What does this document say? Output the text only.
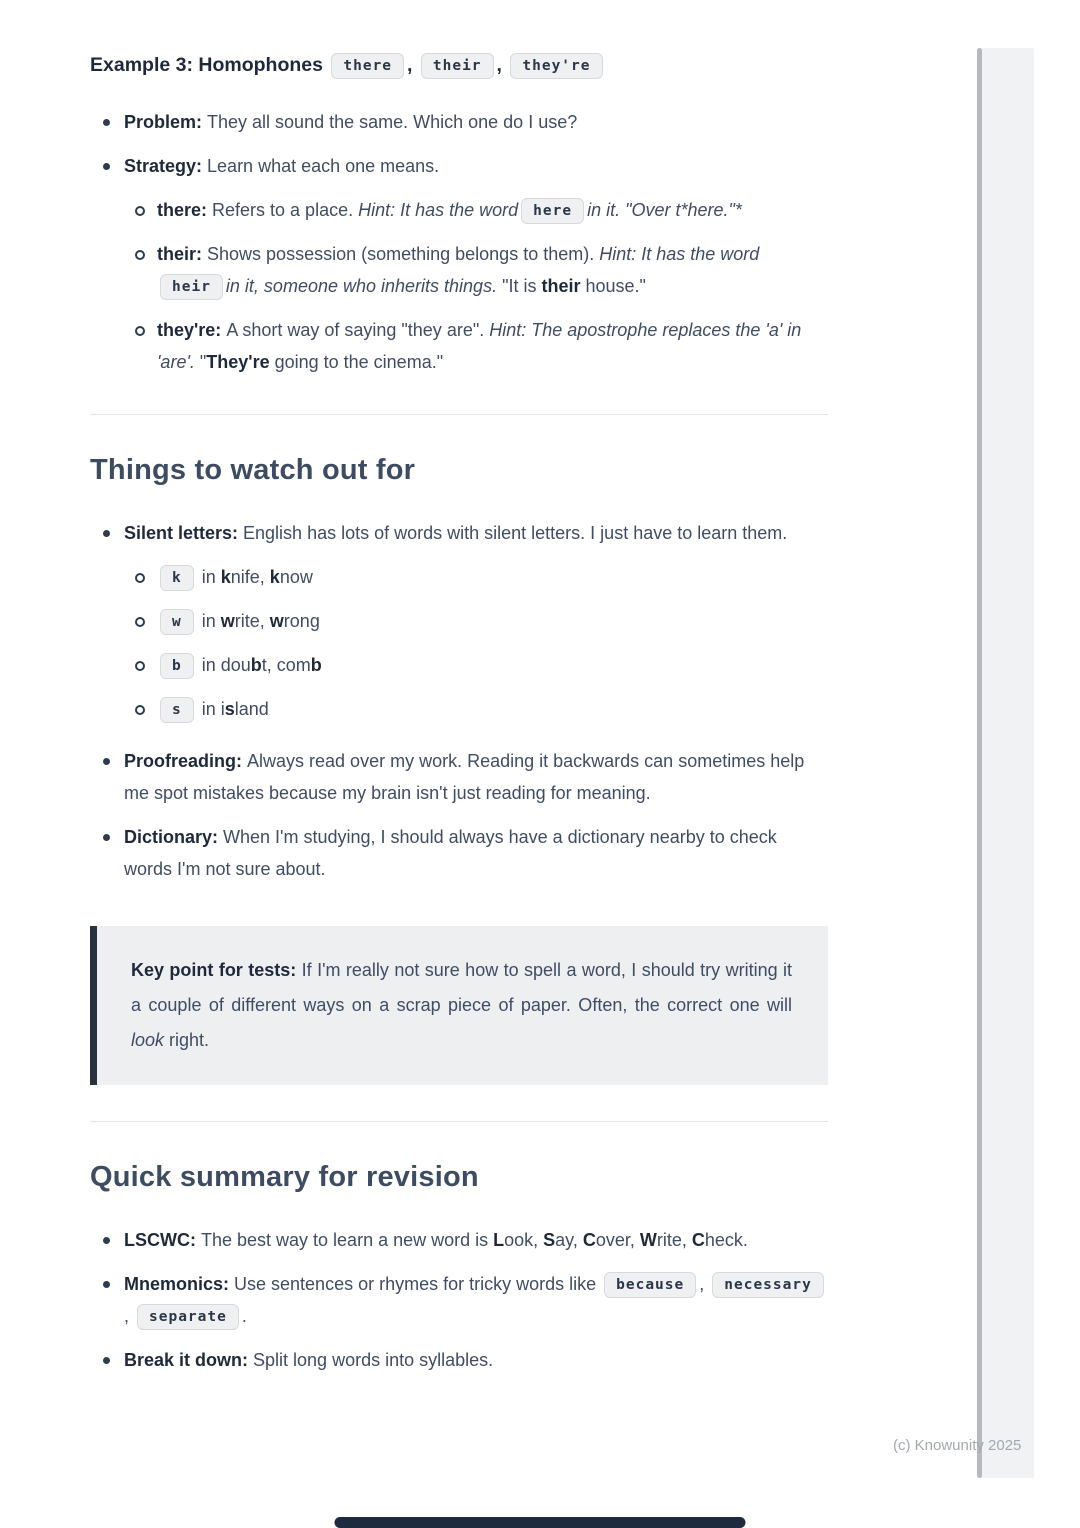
Example 3: Homophones there , their , they're
Problem: They all sound the same. Which one do I use?
Strategy: Learn what each one means.
there: Refers to a place. Hint: It has the word here in it. "Over t*here."*
their: Shows possession (something belongs to them). Hint: It has the wordheir in it, someone who inherits things. "It is their house."
they're: A short way of saying "they are". Hint: The apostrophe replaces the 'a' in 'are'. "They're going to the cinema."
Things to watch out for
Silent letters: English has lots of words with silent letters. I just have to learn them.
k in knife, know
w in write, wrong
b in doubt, comb
s in island
Proofreading: Always read over my work. Reading it backwards can sometimes help me spot mistakes because my brain isn't just reading for meaning.
Dictionary: When I'm studying, I should always have a dictionary nearby to check words I'm not sure about.
Key point for tests: If I'm really not sure how to spell a word, I should try writing it a couple of different ways on a scrap piece of paper. Often, the correct one will look right.
Quick summary for revision
LSCWC: The best way to learn a new word is Look, Say, Cover, Write, Check.
Mnemonics: Use sentences or rhymes for tricky words like because , necessary, separate .
Break it down: Split long words into syllables.
(c) Knowunity 2025
